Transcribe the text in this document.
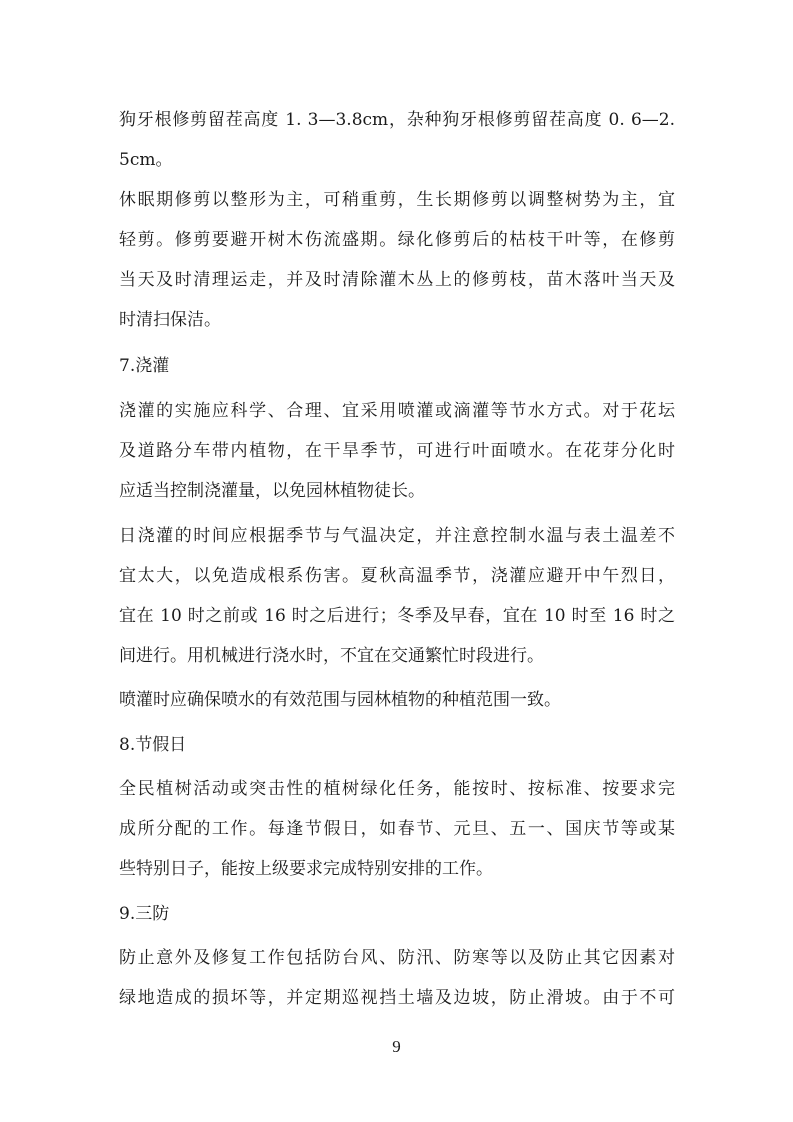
狗牙根修剪留茬高度 1. 3—3.8cm，杂种狗牙根修剪留茬高度 0. 6—2.
5cm。
休眠期修剪以整形为主，可稍重剪，生长期修剪以调整树势为主，宜
轻剪。修剪要避开树木伤流盛期。绿化修剪后的枯枝干叶等，在修剪
当天及时清理运走，并及时清除灌木丛上的修剪枝，苗木落叶当天及
时清扫保洁。
7.浇灌
浇灌的实施应科学、合理、宜采用喷灌或滴灌等节水方式。对于花坛
及道路分车带内植物，在干旱季节，可进行叶面喷水。在花芽分化时
应适当控制浇灌量，以免园林植物徒长。
日浇灌的时间应根据季节与气温决定，并注意控制水温与表土温差不
宜太大，以免造成根系伤害。夏秋高温季节，浇灌应避开中午烈日，
宜在 10 时之前或 16 时之后进行；冬季及早春，宜在 10 时至 16 时之
间进行。用机械进行浇水时，不宜在交通繁忙时段进行。
喷灌时应确保喷水的有效范围与园林植物的种植范围一致。
8.节假日
全民植树活动或突击性的植树绿化任务，能按时、按标准、按要求完
成所分配的工作。每逢节假日，如春节、元旦、五一、国庆节等或某
些特别日子，能按上级要求完成特别安排的工作。
9.三防
防止意外及修复工作包括防台风、防汛、防寒等以及防止其它因素对
绿地造成的损坏等，并定期巡视挡土墙及边坡，防止滑坡。由于不可
9
